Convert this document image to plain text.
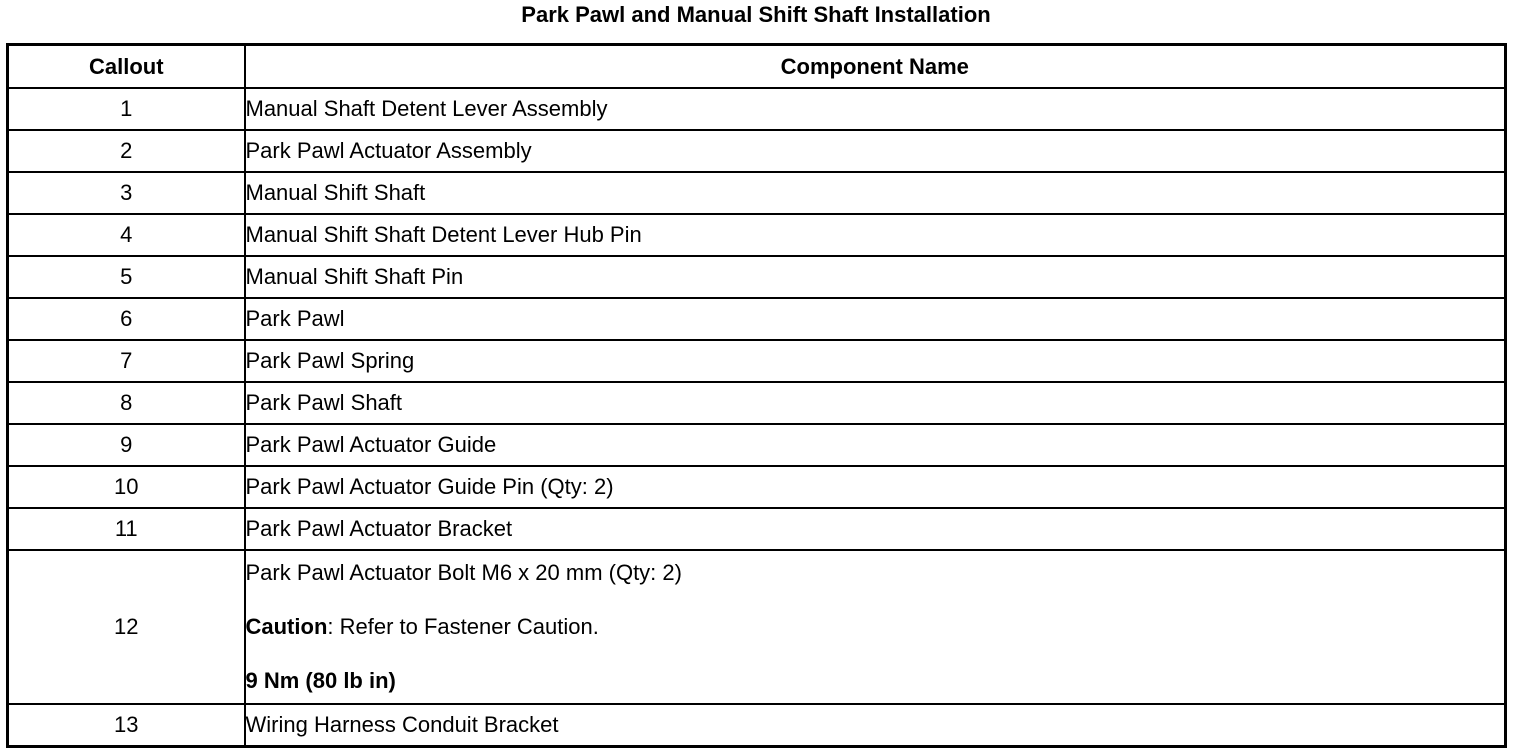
Park Pawl and Manual Shift Shaft Installation
Callout	Component Name
1	Manual Shaft Detent Lever Assembly
2	Park Pawl Actuator Assembly
3	Manual Shift Shaft
4	Manual Shift Shaft Detent Lever Hub Pin
5	Manual Shift Shaft Pin
6	Park Pawl
7	Park Pawl Spring
8	Park Pawl Shaft
9	Park Pawl Actuator Guide
10	Park Pawl Actuator Guide Pin (Qty: 2)
11	Park Pawl Actuator Bracket
12	Park Pawl Actuator Bolt M6 x 20 mm (Qty: 2)
Caution: Refer to Fastener Caution.
9 Nm (80 lb in)

13	Wiring Harness Conduit Bracket
